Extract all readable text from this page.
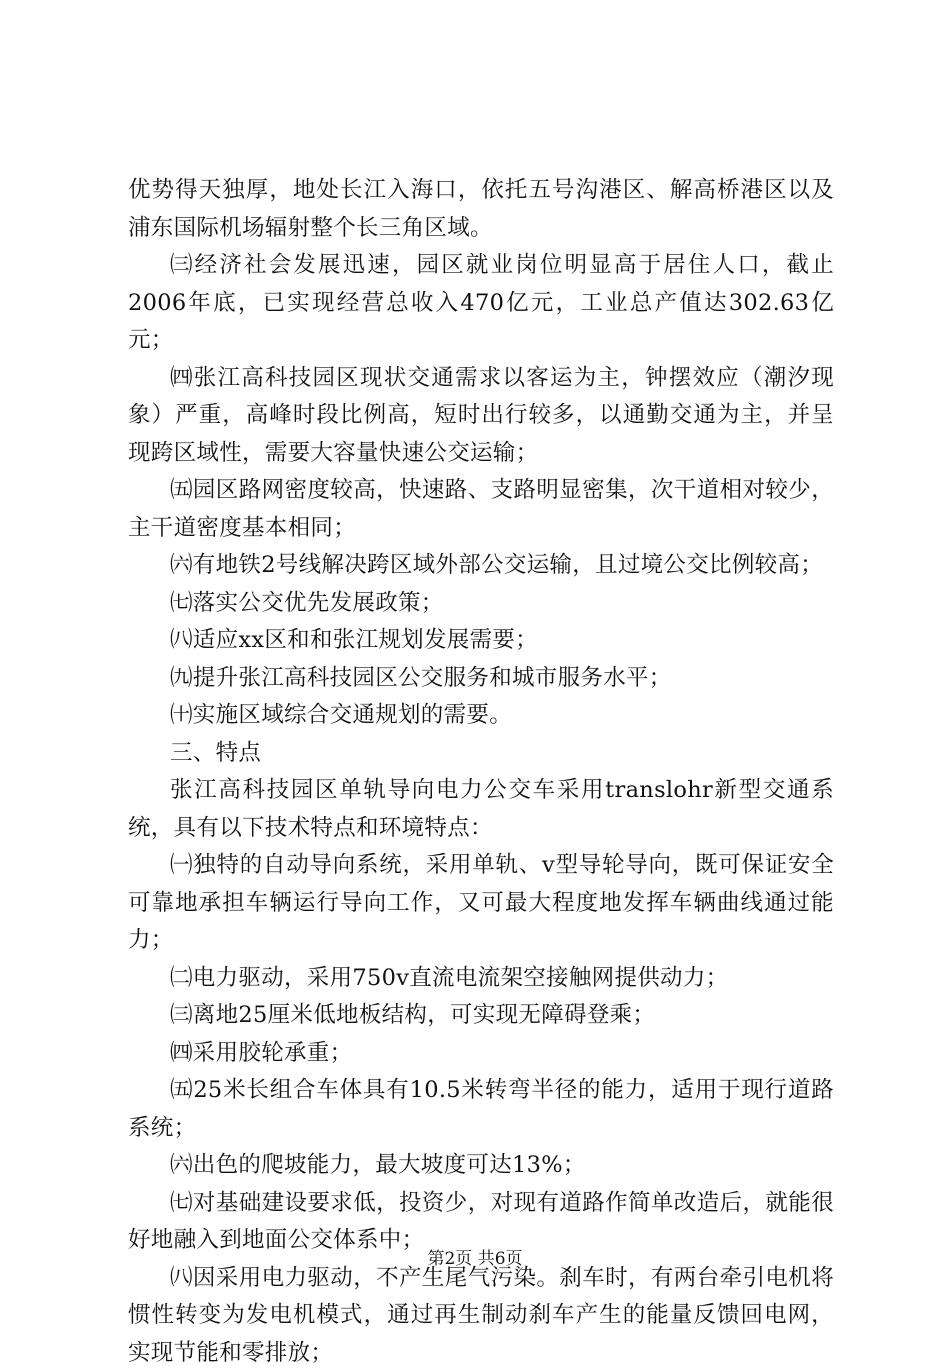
优势得天独厚，地处长江入海口，依托五号沟港区、解高桥港区以及浦东国际机场辐射整个长三角区域。

㈢经济社会发展迅速，园区就业岗位明显高于居住人口，截止2006年底，已实现经营总收入470亿元，工业总产值达302.63亿元；

㈣张江高科技园区现状交通需求以客运为主，钟摆效应（潮汐现象）严重，高峰时段比例高，短时出行较多，以通勤交通为主，并呈现跨区域性，需要大容量快速公交运输；

㈤园区路网密度较高，快速路、支路明显密集，次干道相对较少，主干道密度基本相同；

㈥有地铁2号线解决跨区域外部公交运输，且过境公交比例较高；

㈦落实公交优先发展政策；

㈧适应xx区和和张江规划发展需要；

㈨提升张江高科技园区公交服务和城市服务水平；

㈩实施区域综合交通规划的需要。

三、特点

张江高科技园区单轨导向电力公交车采用translohr新型交通系统，具有以下技术特点和环境特点：

㈠独特的自动导向系统，采用单轨、v型导轮导向，既可保证安全可靠地承担车辆运行导向工作，又可最大程度地发挥车辆曲线通过能力；

㈡电力驱动，采用750v直流电流架空接触网提供动力；

㈢离地25厘米低地板结构，可实现无障碍登乘；

㈣采用胶轮承重；

㈤25米长组合车体具有10.5米转弯半径的能力，适用于现行道路系统；

㈥出色的爬坡能力，最大坡度可达13%；

㈦对基础建设要求低，投资少，对现有道路作简单改造后，就能很好地融入到地面公交体系中；

㈧因采用电力驱动，不产生尾气污染。刹车时，有两台牵引电机将惯性转变为发电机模式，通过再生制动刹车产生的能量反馈回电网，实现节能和零排放；

第2页 共6页
